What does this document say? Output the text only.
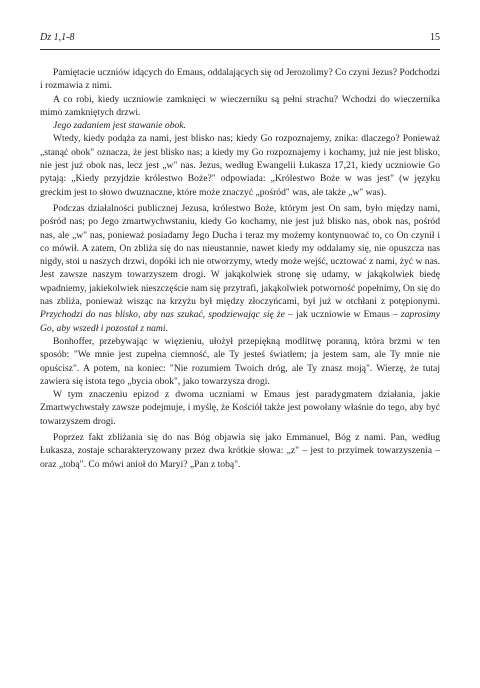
Dz 1,1-8	15

Pamiętacie uczniów idących do Emaus, oddalających się od Jerozolimy? Co czyni Jezus? Podchodzi i rozmawia z nimi.

A co robi, kiedy uczniowie zamknięci w wieczerniku są pełni strachu? Wchodzi do wieczernika mimo zamkniętych drzwi.

Jego zadaniem jest stawanie obok.

Wtedy, kiedy podąża za nami, jest blisko nas; kiedy Go rozpoznajemy, znika: dlaczego? Ponieważ „stanąć obok" oznacza, że jest blisko nas; a kiedy my Go rozpoznajemy i kochamy, już nie jest blisko, nie jest już obok nas, lecz jest „w" nas. Jezus, według Ewangelii Łukasza 17,21, kiedy uczniowie Go pytają: „Kiedy przyjdzie królestwo Boże?" odpowiada: „Królestwo Boże w was jest" (w języku greckim jest to słowo dwuznaczne, które może znaczyć „pośród" was, ale także „w" was).

Podczas działalności publicznej Jezusa, królestwo Boże, którym jest On sam, było między nami, pośród nas; po Jego zmartwychwstaniu, kiedy Go kochamy, nie jest już blisko nas, obok nas, pośród nas, ale „w" nas, ponieważ posiadamy Jego Ducha i teraz my możemy kontynuować to, co On czynił i co mówił. A zatem, On zbliża się do nas nieustannie, nawet kiedy my oddalamy się, nie opuszcza nas nigdy, stoi u naszych drzwi, dopóki ich nie otworzymy, wtedy może wejść, ucztować z nami, żyć w nas. Jest zawsze naszym towarzyszem drogi. W jakąkolwiek stronę się udamy, w jakąkolwiek biedę wpadniemy, jakiekolwiek nieszczęście nam się przytrafi, jakąkolwiek potworność popełnimy, On się do nas zbliża, ponieważ wisząc na krzyżu był między złoczyńcami, był już w otchłani z potępionymi. Przychodzi do nas blisko, aby nas szukać, spodziewając się że – jak uczniowie w Emaus – zaprosimy Go, aby wszedł i pozostał z nami.

Bonhoffer, przebywając w więzieniu, ułożył przepiękną modlitwę poranną, która brzmi w ten sposób: "We mnie jest zupełna ciemność, ale Ty jesteś światłem; ja jestem sam, ale Ty mnie nie opuścisz". A potem, na koniec: "Nie rozumiem Twoich dróg, ale Ty znasz moją". Wierzę, że tutaj zawiera się istota tego „bycia obok", jako towarzysza drogi.

W tym znaczeniu epizod z dwoma uczniami w Emaus jest paradygmatem działania, jakie Zmartwychwstały zawsze podejmuje, i myślę, że Kościół także jest powołany właśnie do tego, aby być towarzyszem drogi.

Poprzez fakt zbliżania się do nas Bóg objawia się jako Emmanuel, Bóg z nami. Pan, według Łukasza, zostaje scharakteryzowany przez dwa krótkie słowa: „z" – jest to przyimek towarzyszenia – oraz „tobą". Co mówi anioł do Maryi? „Pan z tobą".
